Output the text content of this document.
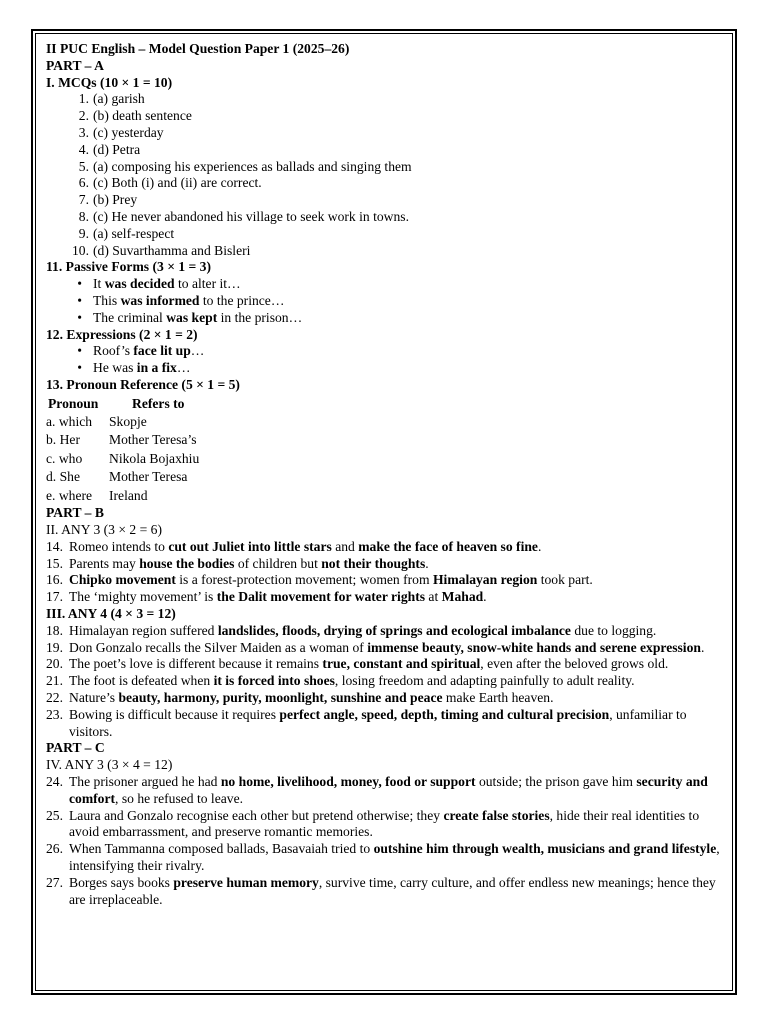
II PUC English – Model Question Paper 1 (2025–26)
PART – A
I. MCQs (10 × 1 = 10)
1. (a) garish
2. (b) death sentence
3. (c) yesterday
4. (d) Petra
5. (a) composing his experiences as ballads and singing them
6. (c) Both (i) and (ii) are correct.
7. (b) Prey
8. (c) He never abandoned his village to seek work in towns.
9. (a) self-respect
10. (d) Suvarthamma and Bisleri
11. Passive Forms (3 × 1 = 3)
• It was decided to alter it…
• This was informed to the prince…
• The criminal was kept in the prison…
12. Expressions (2 × 1 = 2)
• Roof’s face lit up…
• He was in a fix…
13. Pronoun Reference (5 × 1 = 5)
Pronoun	Refers to
a. which	Skopje
b. Her	Mother Teresa’s
c. who	Nikola Bojaxhiu
d. She	Mother Teresa
e. where	Ireland
PART – B
II. ANY 3 (3 × 2 = 6)
14. Romeo intends to cut out Juliet into little stars and make the face of heaven so fine.
15. Parents may house the bodies of children but not their thoughts.
16. Chipko movement is a forest-protection movement; women from Himalayan region took part.
17. The ‘mighty movement’ is the Dalit movement for water rights at Mahad.
III. ANY 4 (4 × 3 = 12)
18. Himalayan region suffered landslides, floods, drying of springs and ecological imbalance due to logging.
19. Don Gonzalo recalls the Silver Maiden as a woman of immense beauty, snow-white hands and serene expression.
20. The poet’s love is different because it remains true, constant and spiritual, even after the beloved grows old.
21. The foot is defeated when it is forced into shoes, losing freedom and adapting painfully to adult reality.
22. Nature’s beauty, harmony, purity, moonlight, sunshine and peace make Earth heaven.
23. Bowing is difficult because it requires perfect angle, speed, depth, timing and cultural precision, unfamiliar to visitors.
PART – C
IV. ANY 3 (3 × 4 = 12)
24. The prisoner argued he had no home, livelihood, money, food or support outside; the prison gave him security and comfort, so he refused to leave.
25. Laura and Gonzalo recognise each other but pretend otherwise; they create false stories, hide their real identities to avoid embarrassment, and preserve romantic memories.
26. When Tammanna composed ballads, Basavaiah tried to outshine him through wealth, musicians and grand lifestyle, intensifying their rivalry.
27. Borges says books preserve human memory, survive time, carry culture, and offer endless new meanings; hence they are irreplaceable.
